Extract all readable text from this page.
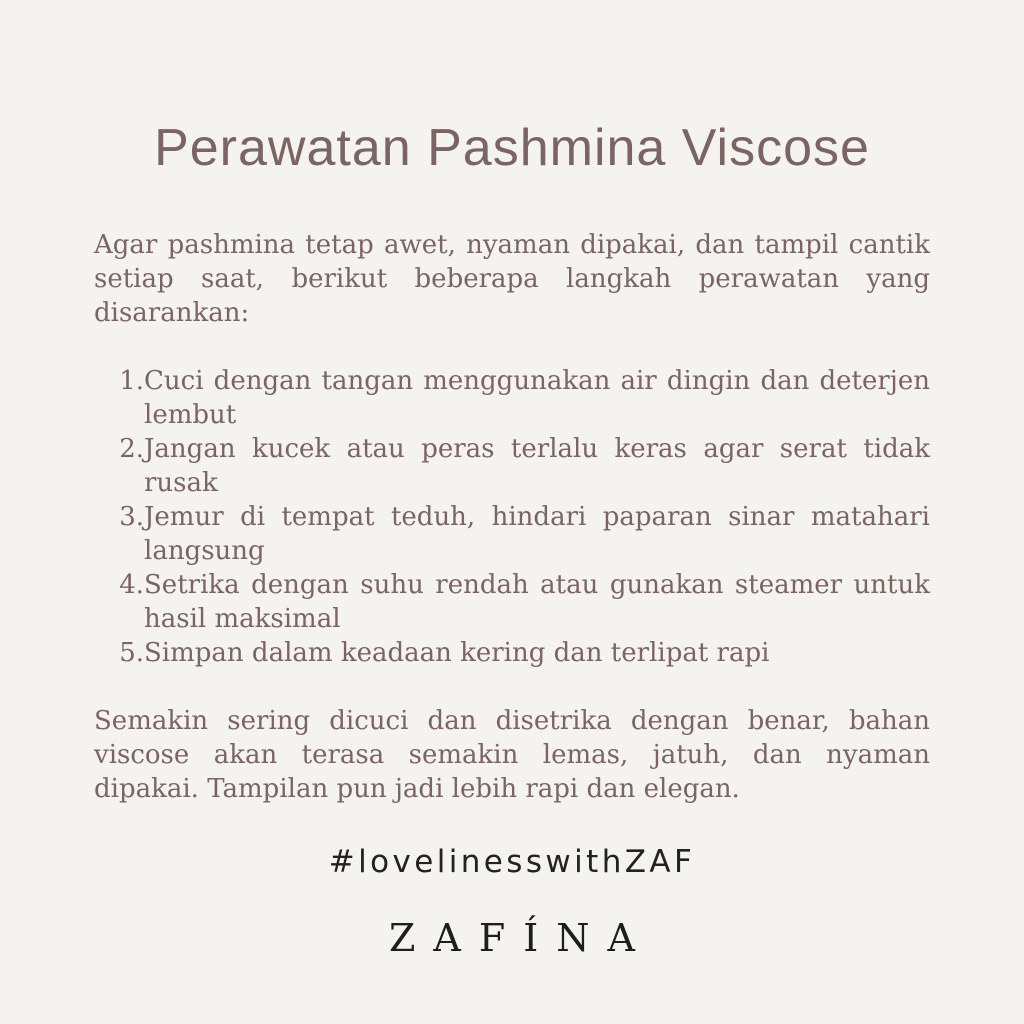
Perawatan Pashmina Viscose

Agar pashmina tetap awet, nyaman dipakai, dan tampil cantik setiap saat, berikut beberapa langkah perawatan yang disarankan:

1. Cuci dengan tangan menggunakan air dingin dan deterjen lembut
2. Jangan kucek atau peras terlalu keras agar serat tidak rusak
3. Jemur di tempat teduh, hindari paparan sinar matahari langsung
4. Setrika dengan suhu rendah atau gunakan steamer untuk hasil maksimal
5. Simpan dalam keadaan kering dan terlipat rapi

Semakin sering dicuci dan disetrika dengan benar, bahan viscose akan terasa semakin lemas, jatuh, dan nyaman dipakai. Tampilan pun jadi lebih rapi dan elegan.

#lovelinesswithZAF
ZAFÍNA
